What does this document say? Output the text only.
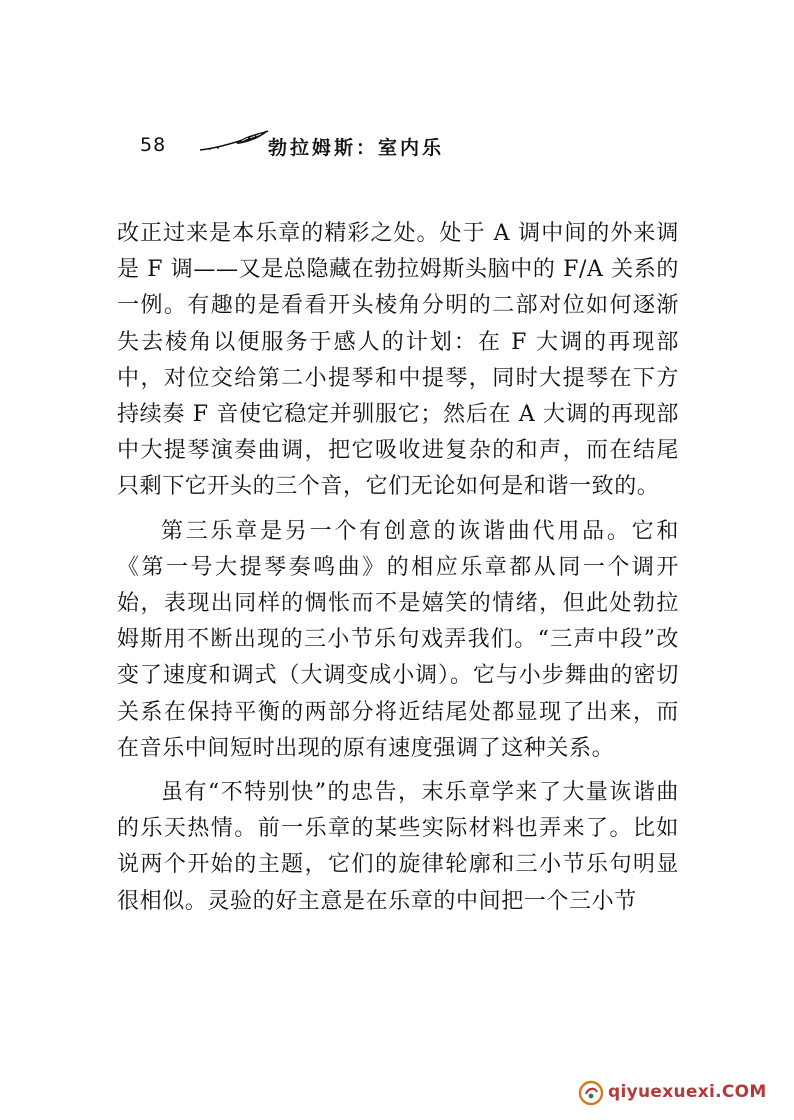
58	勃拉姆斯：室内乐

改正过来是本乐章的精彩之处。处于 A 调中间的外来调是 F 调——又是总隐藏在勃拉姆斯头脑中的 F/A 关系的一例。有趣的是看看开头棱角分明的二部对位如何逐渐失去棱角以便服务于感人的计划：在 F 大调的再现部中，对位交给第二小提琴和中提琴，同时大提琴在下方持续奏 F 音使它稳定并驯服它；然后在 A 大调的再现部中大提琴演奏曲调，把它吸收进复杂的和声，而在结尾只剩下它开头的三个音，它们无论如何是和谐一致的。

第三乐章是另一个有创意的诙谐曲代用品。它和《第一号大提琴奏鸣曲》的相应乐章都从同一个调开始，表现出同样的惆怅而不是嬉笑的情绪，但此处勃拉姆斯用不断出现的三小节乐句戏弄我们。“三声中段”改变了速度和调式（大调变成小调）。它与小步舞曲的密切关系在保持平衡的两部分将近结尾处都显现了出来，而在音乐中间短时出现的原有速度强调了这种关系。

虽有“不特别快”的忠告，末乐章学来了大量诙谐曲的乐天热情。前一乐章的某些实际材料也弄来了。比如说两个开始的主题，它们的旋律轮廓和三小节乐句明显很相似。灵验的好主意是在乐章的中间把一个三小节

qiyuexuexi.COM
